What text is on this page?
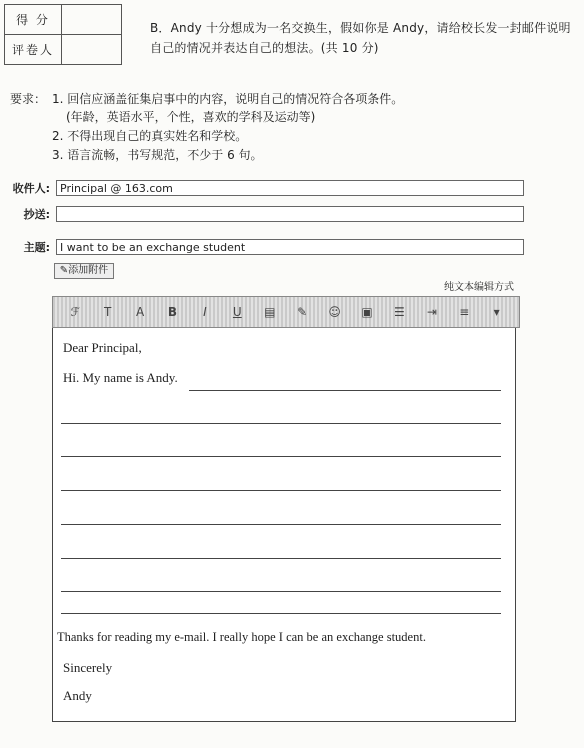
得 分	
评卷人	
B．Andy 十分想成为一名交换生，假如你是 Andy，请给校长发一封邮件说明自己的情况并表达自己的想法。(共 10 分)
要求： 1. 回信应涵盖征集启事中的内容，说明自己的情况符合各项条件。
(年龄，英语水平，个性，喜欢的学科及运动等)
2. 不得出现自己的真实姓名和学校。
3. 语言流畅，书写规范，不少于 6 句。
收件人: Principal @ 163.com
抄送:
主题: I want to be an exchange student
✎添加附件
纯文本编辑方式
ℱ	T	A	B	I	U	▤ ✎ ☺ ▣ ☰ ⇥ ≡	▾
Dear Principal,
Hi. My name is Andy.
Thanks for reading my e-mail. I really hope I can be an exchange student.
Sincerely
Andy
